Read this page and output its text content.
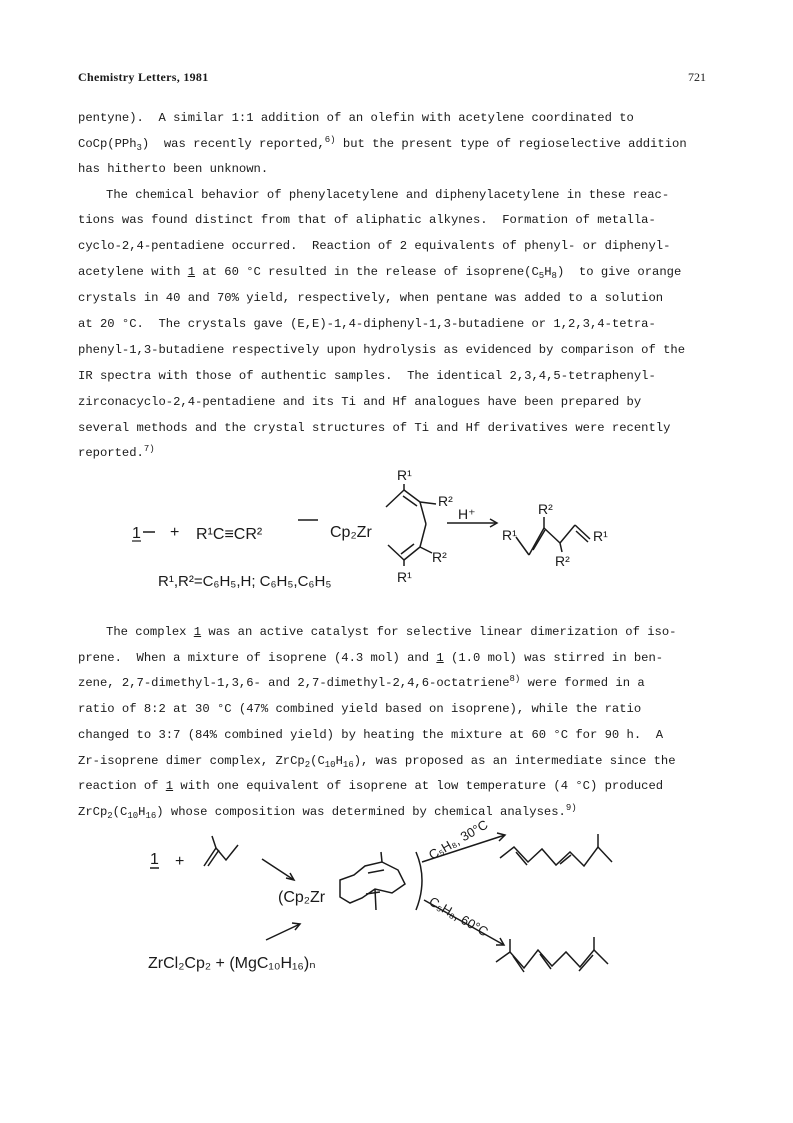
Chemistry Letters, 1981	721
pentyne).  A similar 1:1 addition of an olefin with acetylene coordinated to
CoCp(PPh$_3$)  was recently reported,$^{6)}$ but the present type of regioselective addition
has hitherto been unknown.
The chemical behavior of phenylacetylene and diphenylacetylene in these reac-
tions was found distinct from that of aliphatic alkynes.  Formation of metalla-
cyclo-2,4-pentadiene occurred.  Reaction of 2 equivalents of phenyl- or diphenyl-
acetylene with 1 at 60 °C resulted in the release of $isoprene(C_5H_8)$  to give orange
crystals in 40 and 70% yield, respectively, when pentane was added to a solution
at 20 °C.  The crystals gave (E,E)-1,4-diphenyl-1,3-butadiene or 1,2,3,4-tetra-
phenyl-1,3-butadiene respectively upon hydrolysis as evidenced by comparison of the
IR spectra with those of authentic samples.  The identical 2,3,4,5-tetraphenyl-
zirconacyclo-2,4-pentadiene and its Ti and Hf analogues have been prepared by
several methods and the crystal structures of Ti and Hf derivatives were recently
reported.$^{7)}$
1 + R¹C≡CR²	Cp₂Zr
R¹
R²
R²
R¹
H⁺
R¹
R²
R²
R¹
R¹,R²=C₆H₅,H; C₆H₅,C₆H₅
The complex 1 was an active catalyst for selective linear dimerization of iso-
prene.  When a mixture of isoprene (4.3 mol) and 1 (1.0 mol) was stirred in ben-
zene, 2,7-dimethyl-1,3,6- and 2,7-dimethyl-2,4,6-octatriene$^{8)}$ were formed in a
ratio of 8:2 at 30 °C (47% combined yield based on isoprene), while the ratio
changed to 3:7 (84% combined yield) by heating the mixture at 60 °C for 90 h.  A
Zr-isoprene dimer complex, $ZrCp_2(C_{10}H_{16})$, was proposed as an intermediate since the
reaction of 1 with one equivalent of isoprene at low temperature (4 °C) produced
$ZrCp_2(C_{10}H_{16})$ whose composition was determined by chemical analyses.$^{9)}$
1 +
(Cp₂Zr
C₅H₈, 30°C
C₅H₈, 60°C
ZrCl₂Cp₂ + (MgC₁₀H₁₆)ₙ
